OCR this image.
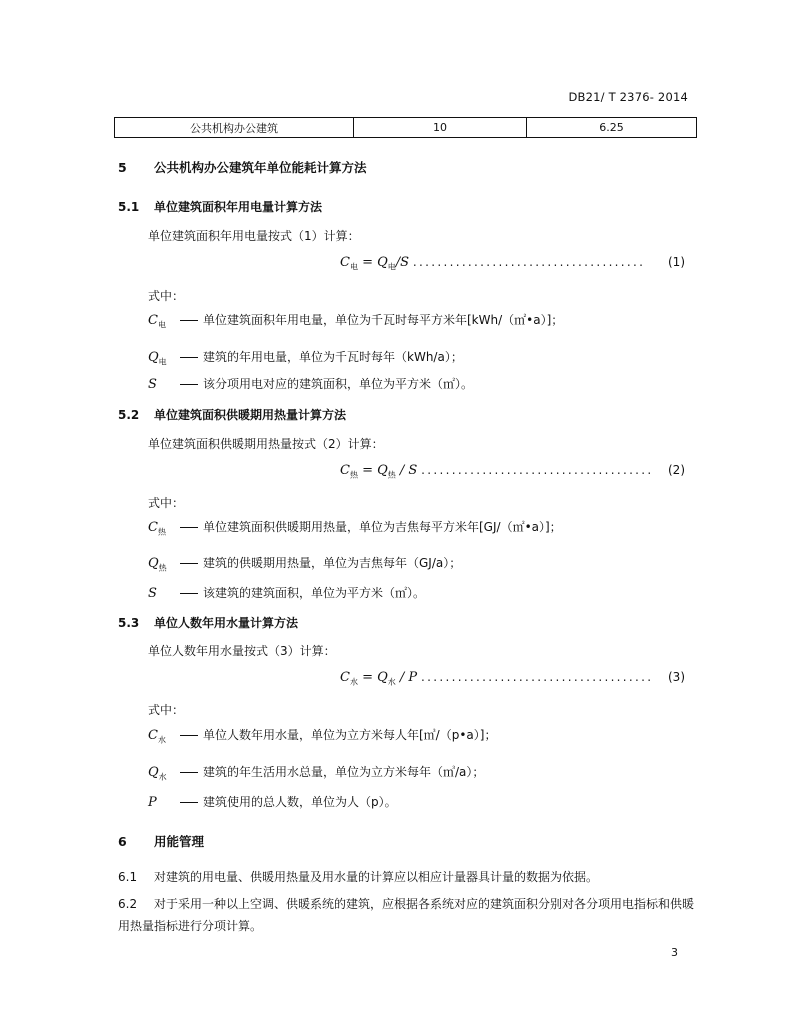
DB21/ T 2376- 2014
公共机构办公建筑	10	6.25
5 公共机构办公建筑年单位能耗计算方法
5.1 单位建筑面积年用电量计算方法
单位建筑面积年用电量按式（1）计算：
$C_电 = Q_电/S$ ...................................... (1)
式中：
$C_电$	单位建筑面积年用电量，单位为千瓦时每平方米年[kWh/（㎡•a）]；
$Q_电$	建筑的年用电量，单位为千瓦时每年（kWh/a）；
S	该分项用电对应的建筑面积，单位为平方米（㎡）。
5.2 单位建筑面积供暖期用热量计算方法
单位建筑面积供暖期用热量按式（2）计算：
$C_热 = Q_热 / S$ ...................................... (2)
式中：
$C_热$	单位建筑面积供暖期用热量，单位为吉焦每平方米年[GJ/（㎡•a）]；
$Q_热$	建筑的供暖期用热量，单位为吉焦每年（GJ/a）；
S	该建筑的建筑面积，单位为平方米（㎡）。
5.3 单位人数年用水量计算方法
单位人数年用水量按式（3）计算：
$C_水 = Q_水 / P$ ...................................... (3)
式中：
$C_水$	单位人数年用水量，单位为立方米每人年[㎥/（p•a）]；
$Q_水$	建筑的年生活用水总量，单位为立方米每年（㎥/a）；
P	建筑使用的总人数，单位为人（p）。
6 用能管理
6.1 对建筑的用电量、供暖用热量及用水量的计算应以相应计量器具计量的数据为依据。
6.2 对于采用一种以上空调、供暖系统的建筑，应根据各系统对应的建筑面积分别对各分项用电指标和供暖用热量指标进行分项计算。
3
